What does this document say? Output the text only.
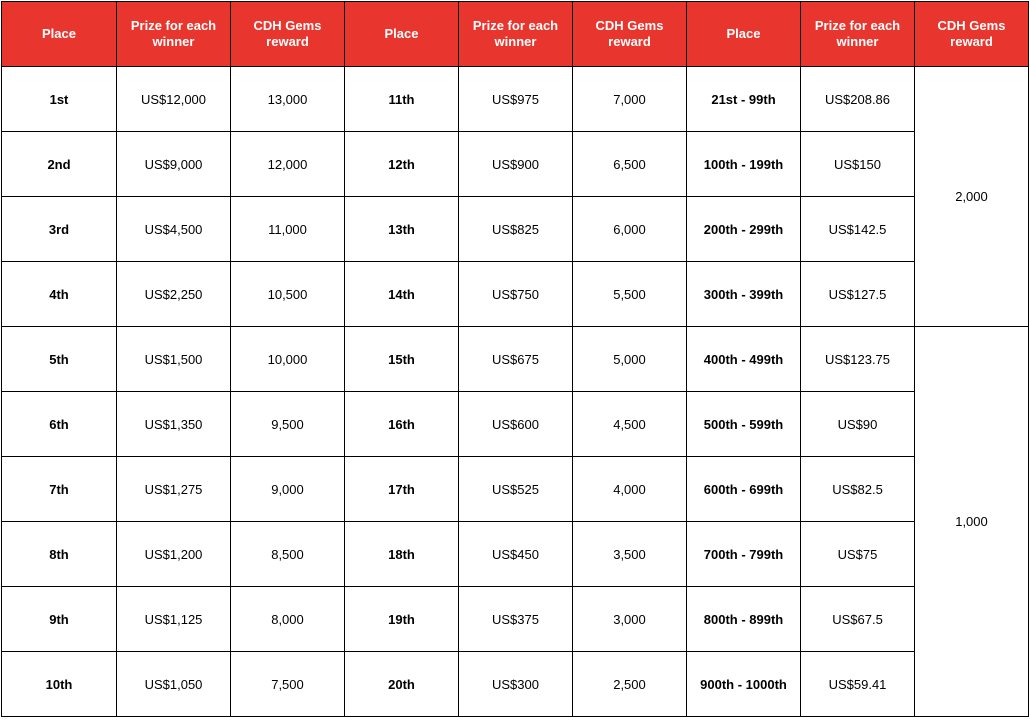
Place	Prize for each winner	CDH Gems reward	Place	Prize for each winner	CDH Gems reward	Place	Prize for each winner	CDH Gems reward
1st	US$12,000	13,000	11th	US$975	7,000	21st - 99th	US$208.86	2,000
2nd	US$9,000	12,000	12th	US$900	6,500	100th - 199th	US$150	
3rd	US$4,500	11,000	13th	US$825	6,000	200th - 299th	US$142.5	
4th	US$2,250	10,500	14th	US$750	5,500	300th - 399th	US$127.5	
5th	US$1,500	10,000	15th	US$675	5,000	400th - 499th	US$123.75	1,000
6th	US$1,350	9,500	16th	US$600	4,500	500th - 599th	US$90	
7th	US$1,275	9,000	17th	US$525	4,000	600th - 699th	US$82.5	
8th	US$1,200	8,500	18th	US$450	3,500	700th - 799th	US$75	
9th	US$1,125	8,000	19th	US$375	3,000	800th - 899th	US$67.5	
10th	US$1,050	7,500	20th	US$300	2,500	900th - 1000th	US$59.41	
